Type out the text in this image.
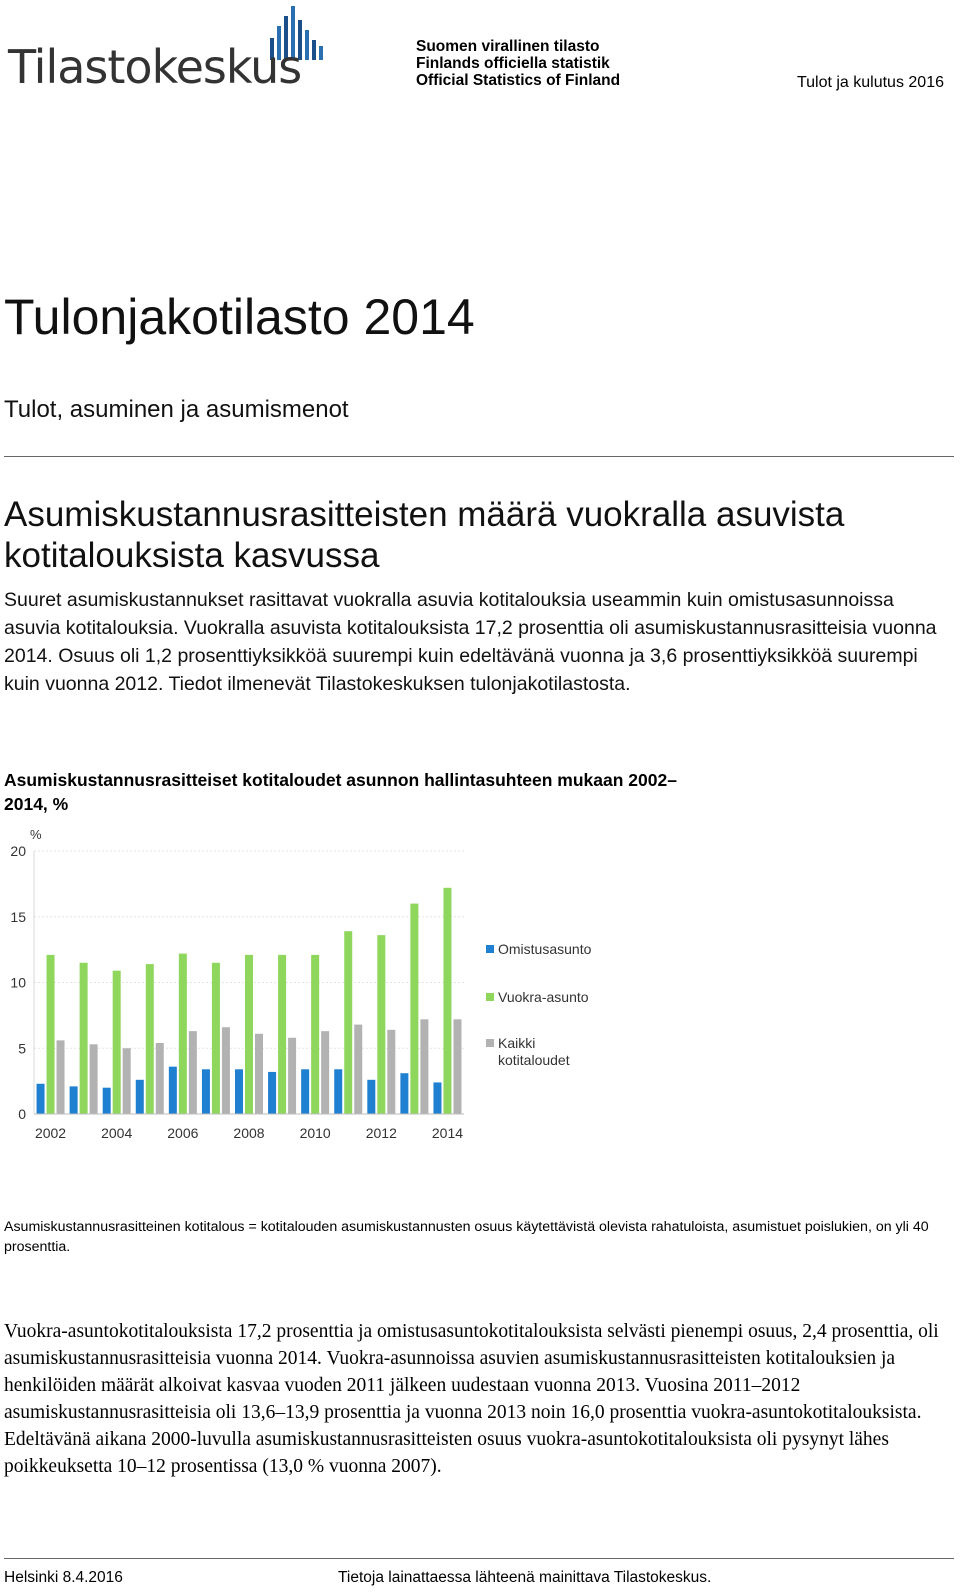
Tilastokeskus	Suomen virallinen tilasto
Finlands officiella statistik
Official Statistics of Finland	Tulot ja kulutus 2016
Tulonjakotilasto 2014
Tulot, asuminen ja asumismenot
Asumiskustannusrasitteisten määrä vuokralla asuvista kotitalouksista kasvussa
Suuret asumiskustannukset rasittavat vuokralla asuvia kotitalouksia useammin kuin omistusasunnoissa asuvia kotitalouksia. Vuokralla asuvista kotitalouksista 17,2 prosenttia oli asumiskustannusrasitteisia vuonna 2014. Osuus oli 1,2 prosenttiyksikköä suurempi kuin edeltävänä vuonna ja 3,6 prosenttiyksikköä suurempi kuin vuonna 2012. Tiedot ilmenevät Tilastokeskuksen tulonjakotilastosta.
Asumiskustannusrasitteiset kotitaloudet asunnon hallintasuhteen mukaan 2002–2014, %
0
5
10
15
20
%
2002 2004 2006 2008 2010 2012 2014
Omistusasunto
Vuokra-asunto
Kaikki
kotitaloudet
Asumiskustannusrasitteinen kotitalous = kotitalouden asumiskustannusten osuus käytettävistä olevista rahatuloista, asumistuet poislukien, on yli 40 prosenttia.
Vuokra-asuntokotitalouksista 17,2 prosenttia ja omistusasuntokotitalouksista selvästi pienempi osuus, 2,4 prosenttia, oli asumiskustannusrasitteisia vuonna 2014. Vuokra-asunnoissa asuvien asumiskustannusrasitteisten kotitalouksien ja henkilöiden määrät alkoivat kasvaa vuoden 2011 jälkeen uudestaan vuonna 2013. Vuosina 2011–2012 asumiskustannusrasitteisia oli 13,6–13,9 prosenttia ja vuonna 2013 noin 16,0 prosenttia vuokra-asuntokotitalouksista. Edeltävänä aikana 2000-luvulla asumiskustannusrasitteisten osuus vuokra-asuntokotitalouksista oli pysynyt lähes poikkeuksetta 10–12 prosentissa (13,0 % vuonna 2007).
Helsinki 8.4.2016	Tietoja lainattaessa lähteenä mainittava Tilastokeskus.
